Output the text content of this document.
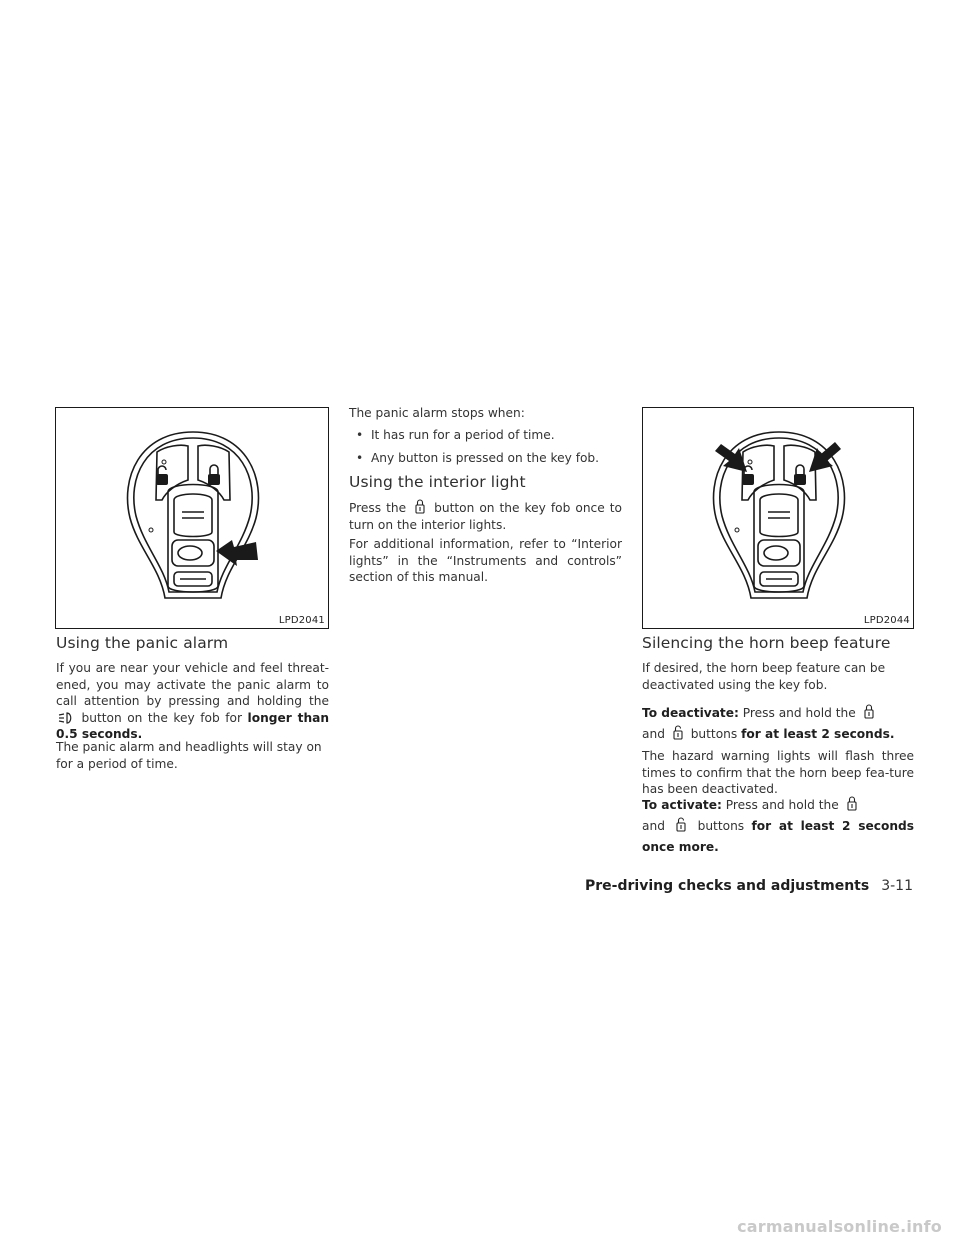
LPD2041
Using the panic alarm

If you are near your vehicle and feel threat-ened, you may activate the panic alarm to call attention by pressing and holding the  button on the key fob for longer than 0.5 seconds.

The panic alarm and headlights will stay on for a period of time.

The panic alarm stops when:

•  It has run for a period of time.
•  Any button is pressed on the key fob.
Using the interior light

Press the button on the key fob once to turn on the interior lights.

For additional information, refer to “Interior lights” in the “Instruments and controls” section of this manual.

LPD2044
Silencing the horn beep feature

If desired, the horn beep feature can be deactivated using the key fob.

To deactivate: Press and hold the
and buttons for at least 2 seconds.

The hazard warning lights will flash three times to confirm that the horn beep fea-ture has been deactivated.

To activate: Press and hold the
and	buttons for at least 2 seconds once more.

Pre-driving checks and adjustments 3-11
carmanualsonline.info
